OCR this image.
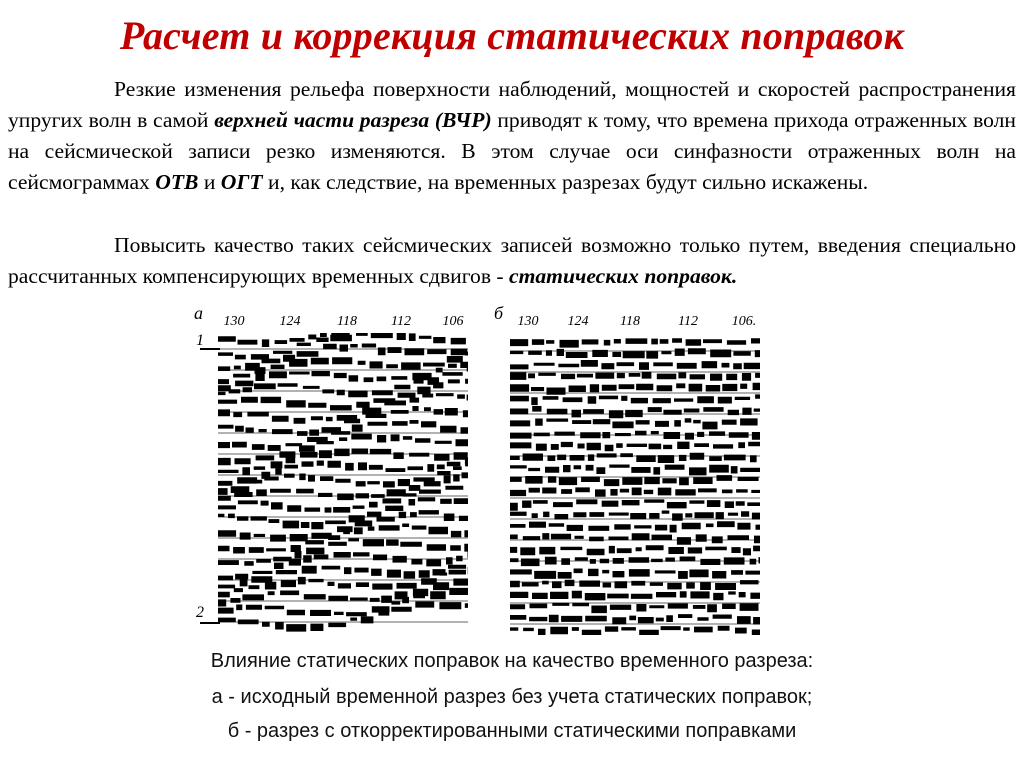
Расчет и коррекция статических поправок
Резкие изменения рельефа поверхности наблюдений, мощностей и скоростей распространения упругих волн в самой верхней части разреза (ВЧР) приводят к тому, что времена прихода отраженных волн на сейсмической записи резко изменяются. В этом случае оси синфазности отраженных волн на сейсмограммах ОТВ и ОГТ и, как следствие, на временных разрезах будут сильно искажены.
Повысить качество таких сейсмических записей возможно только путем, введения специально рассчитанных компенсирующих временных сдвигов - статических поправок.
а 130	124	118 112 106
1
2
б 130 124 118	112 106.
Влияние статических поправок на качество временного разреза:
а - исходный временной разрез без учета статических поправок;
б - разрез с откорректированными статическими поправками
